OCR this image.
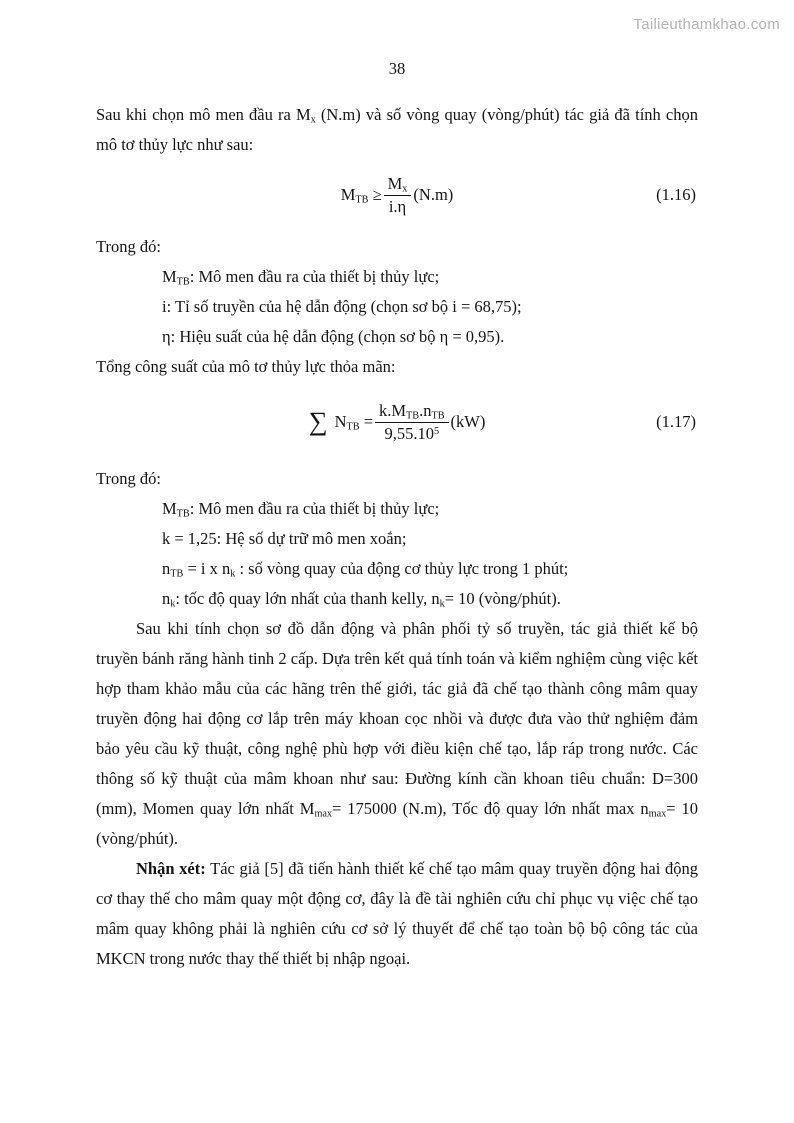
Tailieuthamkhao.com
38

Sau khi chọn mô men đầu ra $M_x$ (N.m) và số vòng quay (vòng/phút) tác giả đã tính chọn mô tơ thủy lực như sau:

$M_{TB} \ge \frac{M_x}{i.\eta} (N.m)$	(1.16)

Trong đó:

$M_{TB}$: Mô men đầu ra của thiết bị thủy lực;

i: Tỉ số truyền của hệ dẫn động (chọn sơ bộ i = 68,75);

η: Hiệu suất của hệ dẫn động (chọn sơ bộ η = 0,95).

Tổng công suất của mô tơ thủy lực thỏa mãn:

∑ $N_{TB} = \frac{k.M_{TB}.n_{TB}}{9,55.10^5} (kW)$	(1.17)

Trong đó:

$M_{TB}$: Mô men đầu ra của thiết bị thủy lực;

k = 1,25: Hệ số dự trữ mô men xoắn;

$n_{TB} = i$ x $n_k$ : số vòng quay của động cơ thủy lực trong 1 phút;

$n_k$: tốc độ quay lớn nhất của thanh kelly, $n_k= 10$ (vòng/phút).

Sau khi tính chọn sơ đồ dẫn động và phân phối tỷ số truyền, tác giả thiết kế bộ truyền bánh răng hành tinh 2 cấp. Dựa trên kết quả tính toán và kiểm nghiệm cùng việc kết hợp tham khảo mẫu của các hãng trên thế giới, tác giả đã chế tạo thành công mâm quay truyền động hai động cơ lắp trên máy khoan cọc nhồi và được đưa vào thử nghiệm đảm bảo yêu cầu kỹ thuật, công nghệ phù hợp với điều kiện chế tạo, lắp ráp trong nước. Các thông số kỹ thuật của mâm khoan như sau: Đường kính cần khoan tiêu chuẩn: D=300 (mm), Momen quay lớn nhất $M_{max}= 175000$ (N.m), Tốc độ quay lớn nhất $\max n_{max}= 10$ (vòng/phút).

Nhận xét: Tác giả [5] đã tiến hành thiết kế chế tạo mâm quay truyền động hai động cơ thay thế cho mâm quay một động cơ, đây là đề tài nghiên cứu chỉ phục vụ việc chế tạo mâm quay không phải là nghiên cứu cơ sở lý thuyết để chế tạo toàn bộ bộ công tác của MKCN trong nước thay thế thiết bị nhập ngoại.
